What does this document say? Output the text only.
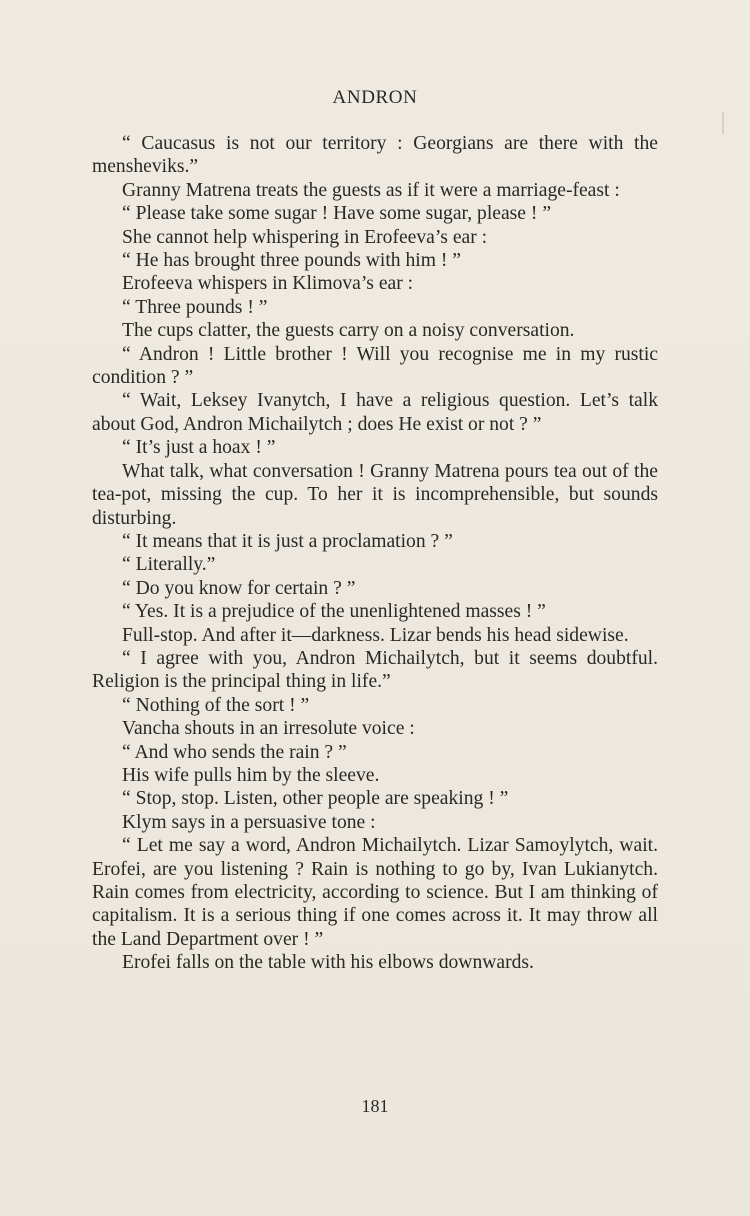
ANDRON

“ Caucasus is not our territory : Georgians are there with the mensheviks.”

Granny Matrena treats the guests as if it were a marriage-feast :

“ Please take some sugar ! Have some sugar, please ! ”

She cannot help whispering in Erofeeva’s ear :

“ He has brought three pounds with him ! ”

Erofeeva whispers in Klimova’s ear :

“ Three pounds ! ”

The cups clatter, the guests carry on a noisy conversation.

“ Andron ! Little brother ! Will you recognise me in my rustic condition ? ”

“ Wait, Leksey Ivanytch, I have a religious question. Let’s talk about God, Andron Michailytch ; does He exist or not ? ”

“ It’s just a hoax ! ”

What talk, what conversation ! Granny Matrena pours tea out of the tea-pot, missing the cup. To her it is incomprehensible, but sounds disturbing.

“ It means that it is just a proclamation ? ”

“ Literally.”

“ Do you know for certain ? ”

“ Yes. It is a prejudice of the unenlightened masses ! ”

Full-stop. And after it—darkness. Lizar bends his head sidewise.

“ I agree with you, Andron Michailytch, but it seems doubtful. Religion is the principal thing in life.”

“ Nothing of the sort ! ”

Vancha shouts in an irresolute voice :

“ And who sends the rain ? ”

His wife pulls him by the sleeve.

“ Stop, stop. Listen, other people are speaking ! ”

Klym says in a persuasive tone :

“ Let me say a word, Andron Michailytch. Lizar Samoylytch, wait. Erofei, are you listening ? Rain is nothing to go by, Ivan Lukianytch. Rain comes from electricity, according to science. But I am thinking of capitalism. It is a serious thing if one comes across it. It may throw all the Land Department over ! ”

Erofei falls on the table with his elbows downwards.

181
